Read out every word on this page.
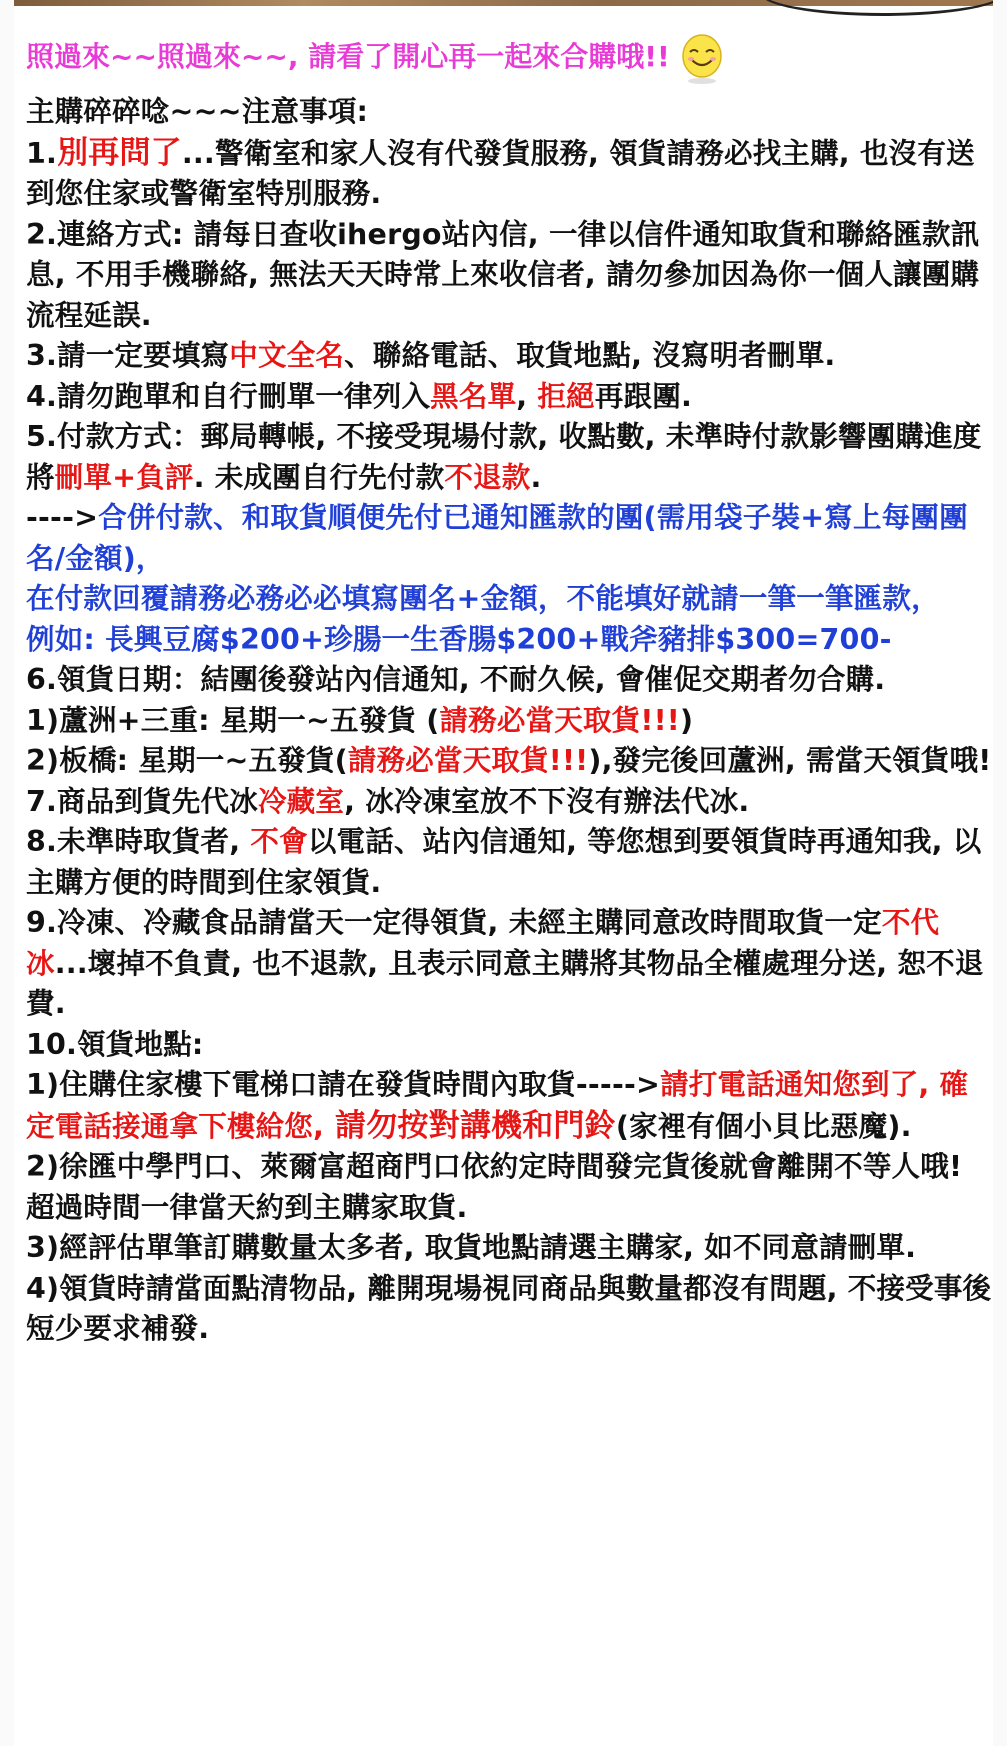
照過來~~照過來~~, 請看了開心再一起來合購哦!!

主購碎碎唸~~~注意事項:

1.別再問了...警衛室和家人沒有代發貨服務, 領貨請務必找主購, 也沒有送到您住家或警衛室特別服務.

2.連絡方式: 請每日查收ihergo站內信, 一律以信件通知取貨和聯絡匯款訊息, 不用手機聯絡, 無法天天時常上來收信者, 請勿參加因為你一個人讓團購流程延誤.

3.請一定要填寫中文全名、聯絡電話、取貨地點, 沒寫明者刪單.

4.請勿跑單和自行刪單一律列入黑名單, 拒絕再跟團.

5.付款方式：郵局轉帳, 不接受現場付款, 收點數, 未準時付款影響團購進度將刪單+負評. 未成團自行先付款不退款.

---->合併付款、和取貨順便先付已通知匯款的團(需用袋子裝+寫上每團團名/金額)，

在付款回覆請務必務必必填寫團名+金額，不能填好就請一筆一筆匯款，

例如: 長興豆腐$200+珍腸一生香腸$200+戰斧豬排$300=700-

6.領貨日期：結團後發站內信通知, 不耐久候, 會催促交期者勿合購.

1)蘆洲+三重: 星期一~五發貨 (請務必當天取貨!!!)

2)板橋: 星期一~五發貨(請務必當天取貨!!!),發完後回蘆洲, 需當天領貨哦!

7.商品到貨先代冰冷藏室, 冰冷凍室放不下沒有辦法代冰.

8.未準時取貨者, 不會以電話、站內信通知, 等您想到要領貨時再通知我, 以主購方便的時間到住家領貨.

9.冷凍、冷藏食品請當天一定得領貨, 未經主購同意改時間取貨一定不代冰...壞掉不負責, 也不退款, 且表示同意主購將其物品全權處理分送, 恕不退費.

10.領貨地點:

1)住購住家樓下電梯口請在發貨時間內取貨----->請打電話通知您到了, 確定電話接通拿下樓給您, 請勿按對講機和門鈴(家裡有個小貝比惡魔).

2)徐匯中學門口、萊爾富超商門口依約定時間發完貨後就會離開不等人哦! 超過時間一律當天約到主購家取貨.

3)經評估單筆訂購數量太多者, 取貨地點請選主購家, 如不同意請刪單.

4)領貨時請當面點清物品, 離開現場視同商品與數量都沒有問題, 不接受事後短少要求補發.
